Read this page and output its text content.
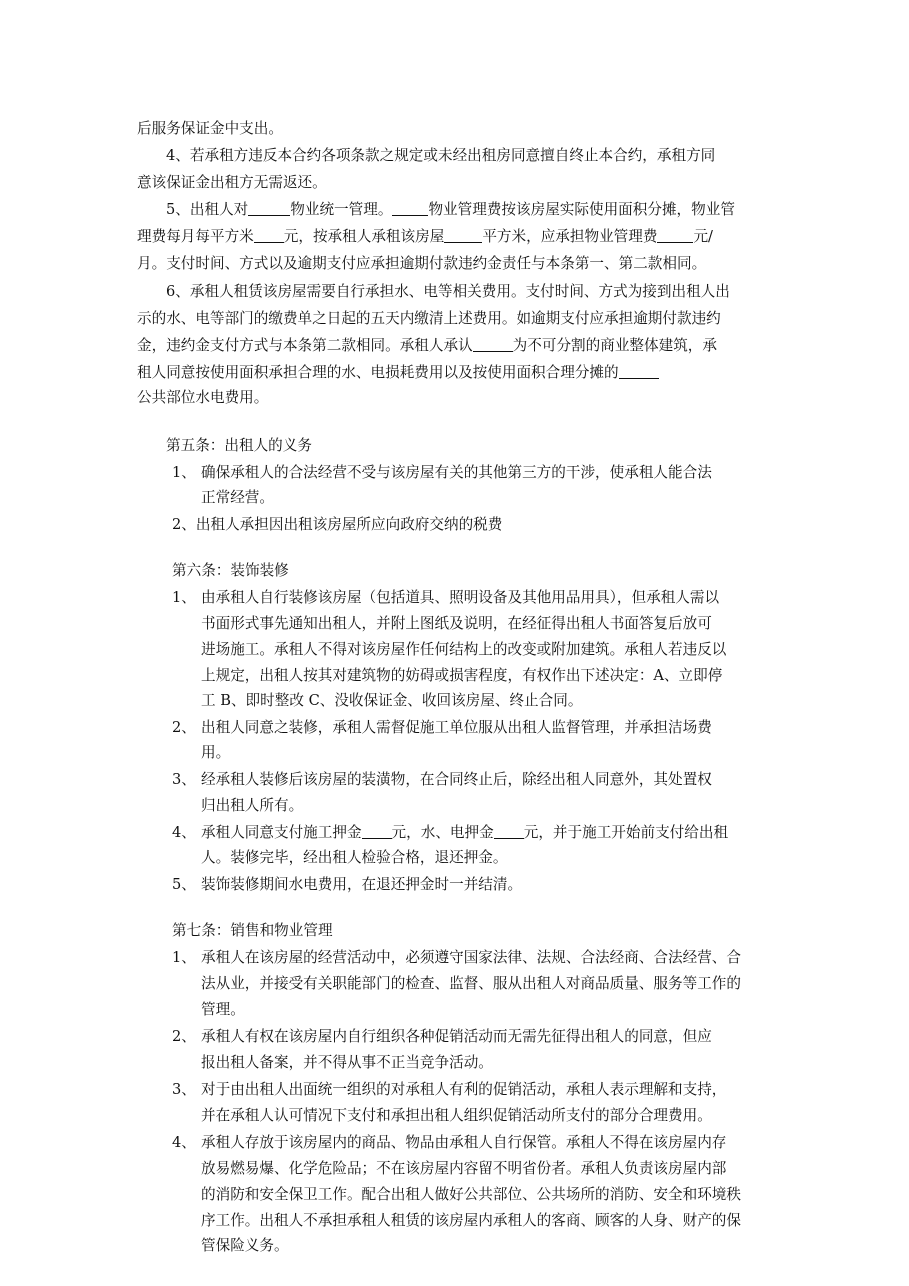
后服务保证金中支出。
4、若承租方违反本合约各项条款之规定或未经出租房同意擅自终止本合约，承租方同
意该保证金出租方无需返还。
5、出租人对	物业统一管理。 物业管理费按该房屋实际使用面积分摊，物业管
理费每月每平方米 元，按承租人承租该房屋	平方米，应承担物业管理费 元/
月。支付时间、方式以及逾期支付应承担逾期付款违约金责任与本条第一、第二款相同。
6、承租人租赁该房屋需要自行承担水、电等相关费用。支付时间、方式为接到出租人出
示的水、电等部门的缴费单之日起的五天内缴清上述费用。如逾期支付应承担逾期付款违约
金，违约金支付方式与本条第二款相同。承租人承认	为不可分割的商业整体建筑，承
租人同意按使用面积承担合理的水、电损耗费用以及按使用面积合理分摊的
公共部位水电费用。
第五条：出租人的义务
1、 确保承租人的合法经营不受与该房屋有关的其他第三方的干涉，使承租人能合法
正常经营。
2、出租人承担因出租该房屋所应向政府交纳的税费
第六条：装饰装修
1、 由承租人自行装修该房屋（包括道具、照明设备及其他用品用具），但承租人需以
书面形式事先通知出租人，并附上图纸及说明，在经征得出租人书面答复后放可
进场施工。承租人不得对该房屋作任何结构上的改变或附加建筑。承租人若违反以
上规定，出租人按其对建筑物的妨碍或损害程度，有权作出下述决定：A、立即停
工 B、即时整改 C、没收保证金、收回该房屋、终止合同。
2、 出租人同意之装修，承租人需督促施工单位服从出租人监督管理，并承担洁场费
用。
3、 经承租人装修后该房屋的装潢物，在合同终止后，除经出租人同意外，其处置权
归出租人所有。
4、 承租人同意支付施工押金 元，水、电押金 元，并于施工开始前支付给出租
人。装修完毕，经出租人检验合格，退还押金。
5、 装饰装修期间水电费用，在退还押金时一并结清。
第七条：销售和物业管理
1、 承租人在该房屋的经营活动中，必须遵守国家法律、法规、合法经商、合法经营、合
法从业，并接受有关职能部门的检查、监督、服从出租人对商品质量、服务等工作的
管理。
2、 承租人有权在该房屋内自行组织各种促销活动而无需先征得出租人的同意，但应
报出租人备案，并不得从事不正当竞争活动。
3、 对于由出租人出面统一组织的对承租人有利的促销活动，承租人表示理解和支持，
并在承租人认可情况下支付和承担出租人组织促销活动所支付的部分合理费用。
4、 承租人存放于该房屋内的商品、物品由承租人自行保管。承租人不得在该房屋内存
放易燃易爆、化学危险品；不在该房屋内容留不明省份者。承租人负责该房屋内部
的消防和安全保卫工作。配合出租人做好公共部位、公共场所的消防、安全和环境秩
序工作。出租人不承担承租人租赁的该房屋内承租人的客商、顾客的人身、财产的保
管保险义务。
